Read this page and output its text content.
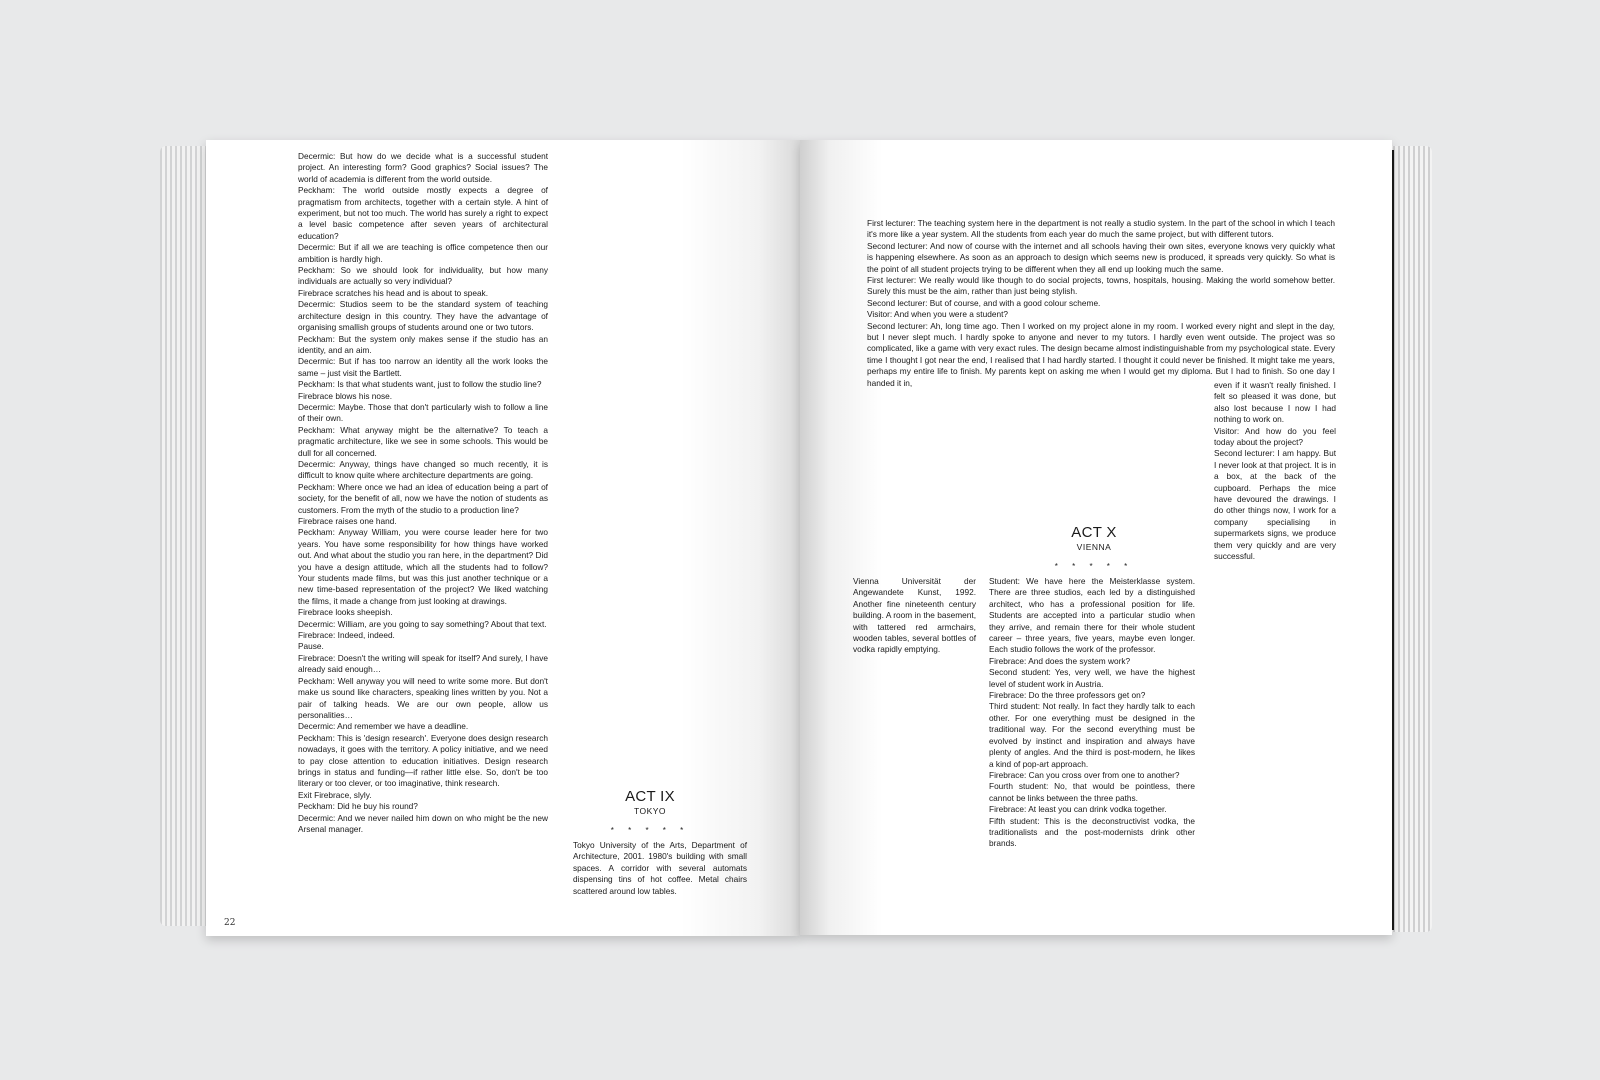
Decermic: But how do we decide what is a successful student project. An interesting form? Good graphics? Social issues? The world of academia is different from the world outside.

Peckham: The world outside mostly expects a degree of pragmatism from architects, together with a certain style. A hint of experiment, but not too much. The world has surely a right to expect a level basic competence after seven years of architectural education?

Decermic: But if all we are teaching is office competence then our ambition is hardly high.

Peckham: So we should look for individuality, but how many individuals are actually so very individual?

Firebrace scratches his head and is about to speak.

Decermic: Studios seem to be the standard system of teaching architecture design in this country. They have the advantage of organising smallish groups of students around one or two tutors.

Peckham: But the system only makes sense if the studio has an identity, and an aim.

Decermic: But if has too narrow an identity all the work looks the same – just visit the Bartlett.

Peckham: Is that what students want, just to follow the studio line?

Firebrace blows his nose.

Decermic: Maybe. Those that don't particularly wish to follow a line of their own.

Peckham: What anyway might be the alternative? To teach a pragmatic architecture, like we see in some schools. This would be dull for all concerned.

Decermic: Anyway, things have changed so much recently, it is difficult to know quite where architecture departments are going.

Peckham: Where once we had an idea of education being a part of society, for the benefit of all, now we have the notion of students as customers. From the myth of the studio to a production line?

Firebrace raises one hand.

Peckham: Anyway William, you were course leader here for two years. You have some responsibility for how things have worked out. And what about the studio you ran here, in the department? Did you have a design attitude, which all the students had to follow? Your students made films, but was this just another technique or a new time-based representation of the project? We liked watching the films, it made a change from just looking at drawings.

Firebrace looks sheepish.

Decermic: William, are you going to say something? About that text.

Firebrace: Indeed, indeed.

Pause.

Firebrace: Doesn't the writing will speak for itself? And surely, I have already said enough…

Peckham: Well anyway you will need to write some more. But don't make us sound like characters, speaking lines written by you. Not a pair of talking heads. We are our own people, allow us personalities…

Decermic: And remember we have a deadline.

Peckham: This is 'design research'. Everyone does design research nowadays, it goes with the territory. A policy initiative, and we need to pay close attention to education initiatives. Design research brings in status and funding—if rather little else. So, don't be too literary or too clever, or too imaginative, think research.

Exit Firebrace, slyly.

Peckham: Did he buy his round?

Decermic: And we never nailed him down on who might be the new Arsenal manager.

ACT IX
TOKYO
* * * * *

Tokyo University of the Arts, Department of Architecture, 2001. 1980's building with small spaces. A corridor with several automats dispensing tins of hot coffee. Metal chairs scattered around low tables.

22

First lecturer: The teaching system here in the department is not really a studio system. In the part of the school in which I teach it's more like a year system. All the students from each year do much the same project, but with different tutors.

Second lecturer: And now of course with the internet and all schools having their own sites, everyone knows very quickly what is happening elsewhere. As soon as an approach to design which seems new is produced, it spreads very quickly. So what is the point of all student projects trying to be different when they all end up looking much the same.

First lecturer: We really would like though to do social projects, towns, hospitals, housing. Making the world somehow better. Surely this must be the aim, rather than just being stylish.

Second lecturer: But of course, and with a good colour scheme.

Visitor: And when you were a student?

Second lecturer: Ah, long time ago. Then I worked on my project alone in my room. I worked every night and slept in the day, but I never slept much. I hardly spoke to anyone and never to my tutors. I hardly even went outside. The project was so complicated, like a game with very exact rules. The design became almost indistinguishable from my psychological state. Every time I thought I got near the end, I realised that I had hardly started. I thought it could never be finished. It might take me years, perhaps my entire life to finish. My parents kept on asking me when I would get my diploma. But I had to finish. So one day I handed it in,	even if it wasn't really finished. I felt so pleased it was done, but also lost because I now I had nothing to work on.

Visitor: And how do you feel today about the project?

Second lecturer: I am happy. But I never look at that project. It is in a box, at the back of the cupboard. Perhaps the mice have devoured the drawings. I do other things now, I work for a company specialising in supermarkets signs, we produce them very quickly and are very successful.

ACT X
VIENNA
* * * * *

Vienna Universität der Angewandete Kunst, 1992. Another fine nineteenth century building. A room in the basement, with tattered red armchairs, wooden tables, several bottles of vodka rapidly emptying.

Student: We have here the Meisterklasse system. There are three studios, each led by a distinguished architect, who has a professional position for life. Students are accepted into a particular studio when they arrive, and remain there for their whole student career – three years, five years, maybe even longer. Each studio follows the work of the professor.

Firebrace: And does the system work?

Second student: Yes, very well, we have the highest level of student work in Austria.

Firebrace: Do the three professors get on?

Third student: Not really. In fact they hardly talk to each other. For one everything must be designed in the traditional way. For the second everything must be evolved by instinct and inspiration and always have plenty of angles. And the third is post-modern, he likes a kind of pop-art approach.

Firebrace: Can you cross over from one to another?

Fourth student: No, that would be pointless, there cannot be links between the three paths.

Firebrace: At least you can drink vodka together.

Fifth student: This is the deconstructivist vodka, the traditionalists and the post-modernists drink other brands.
